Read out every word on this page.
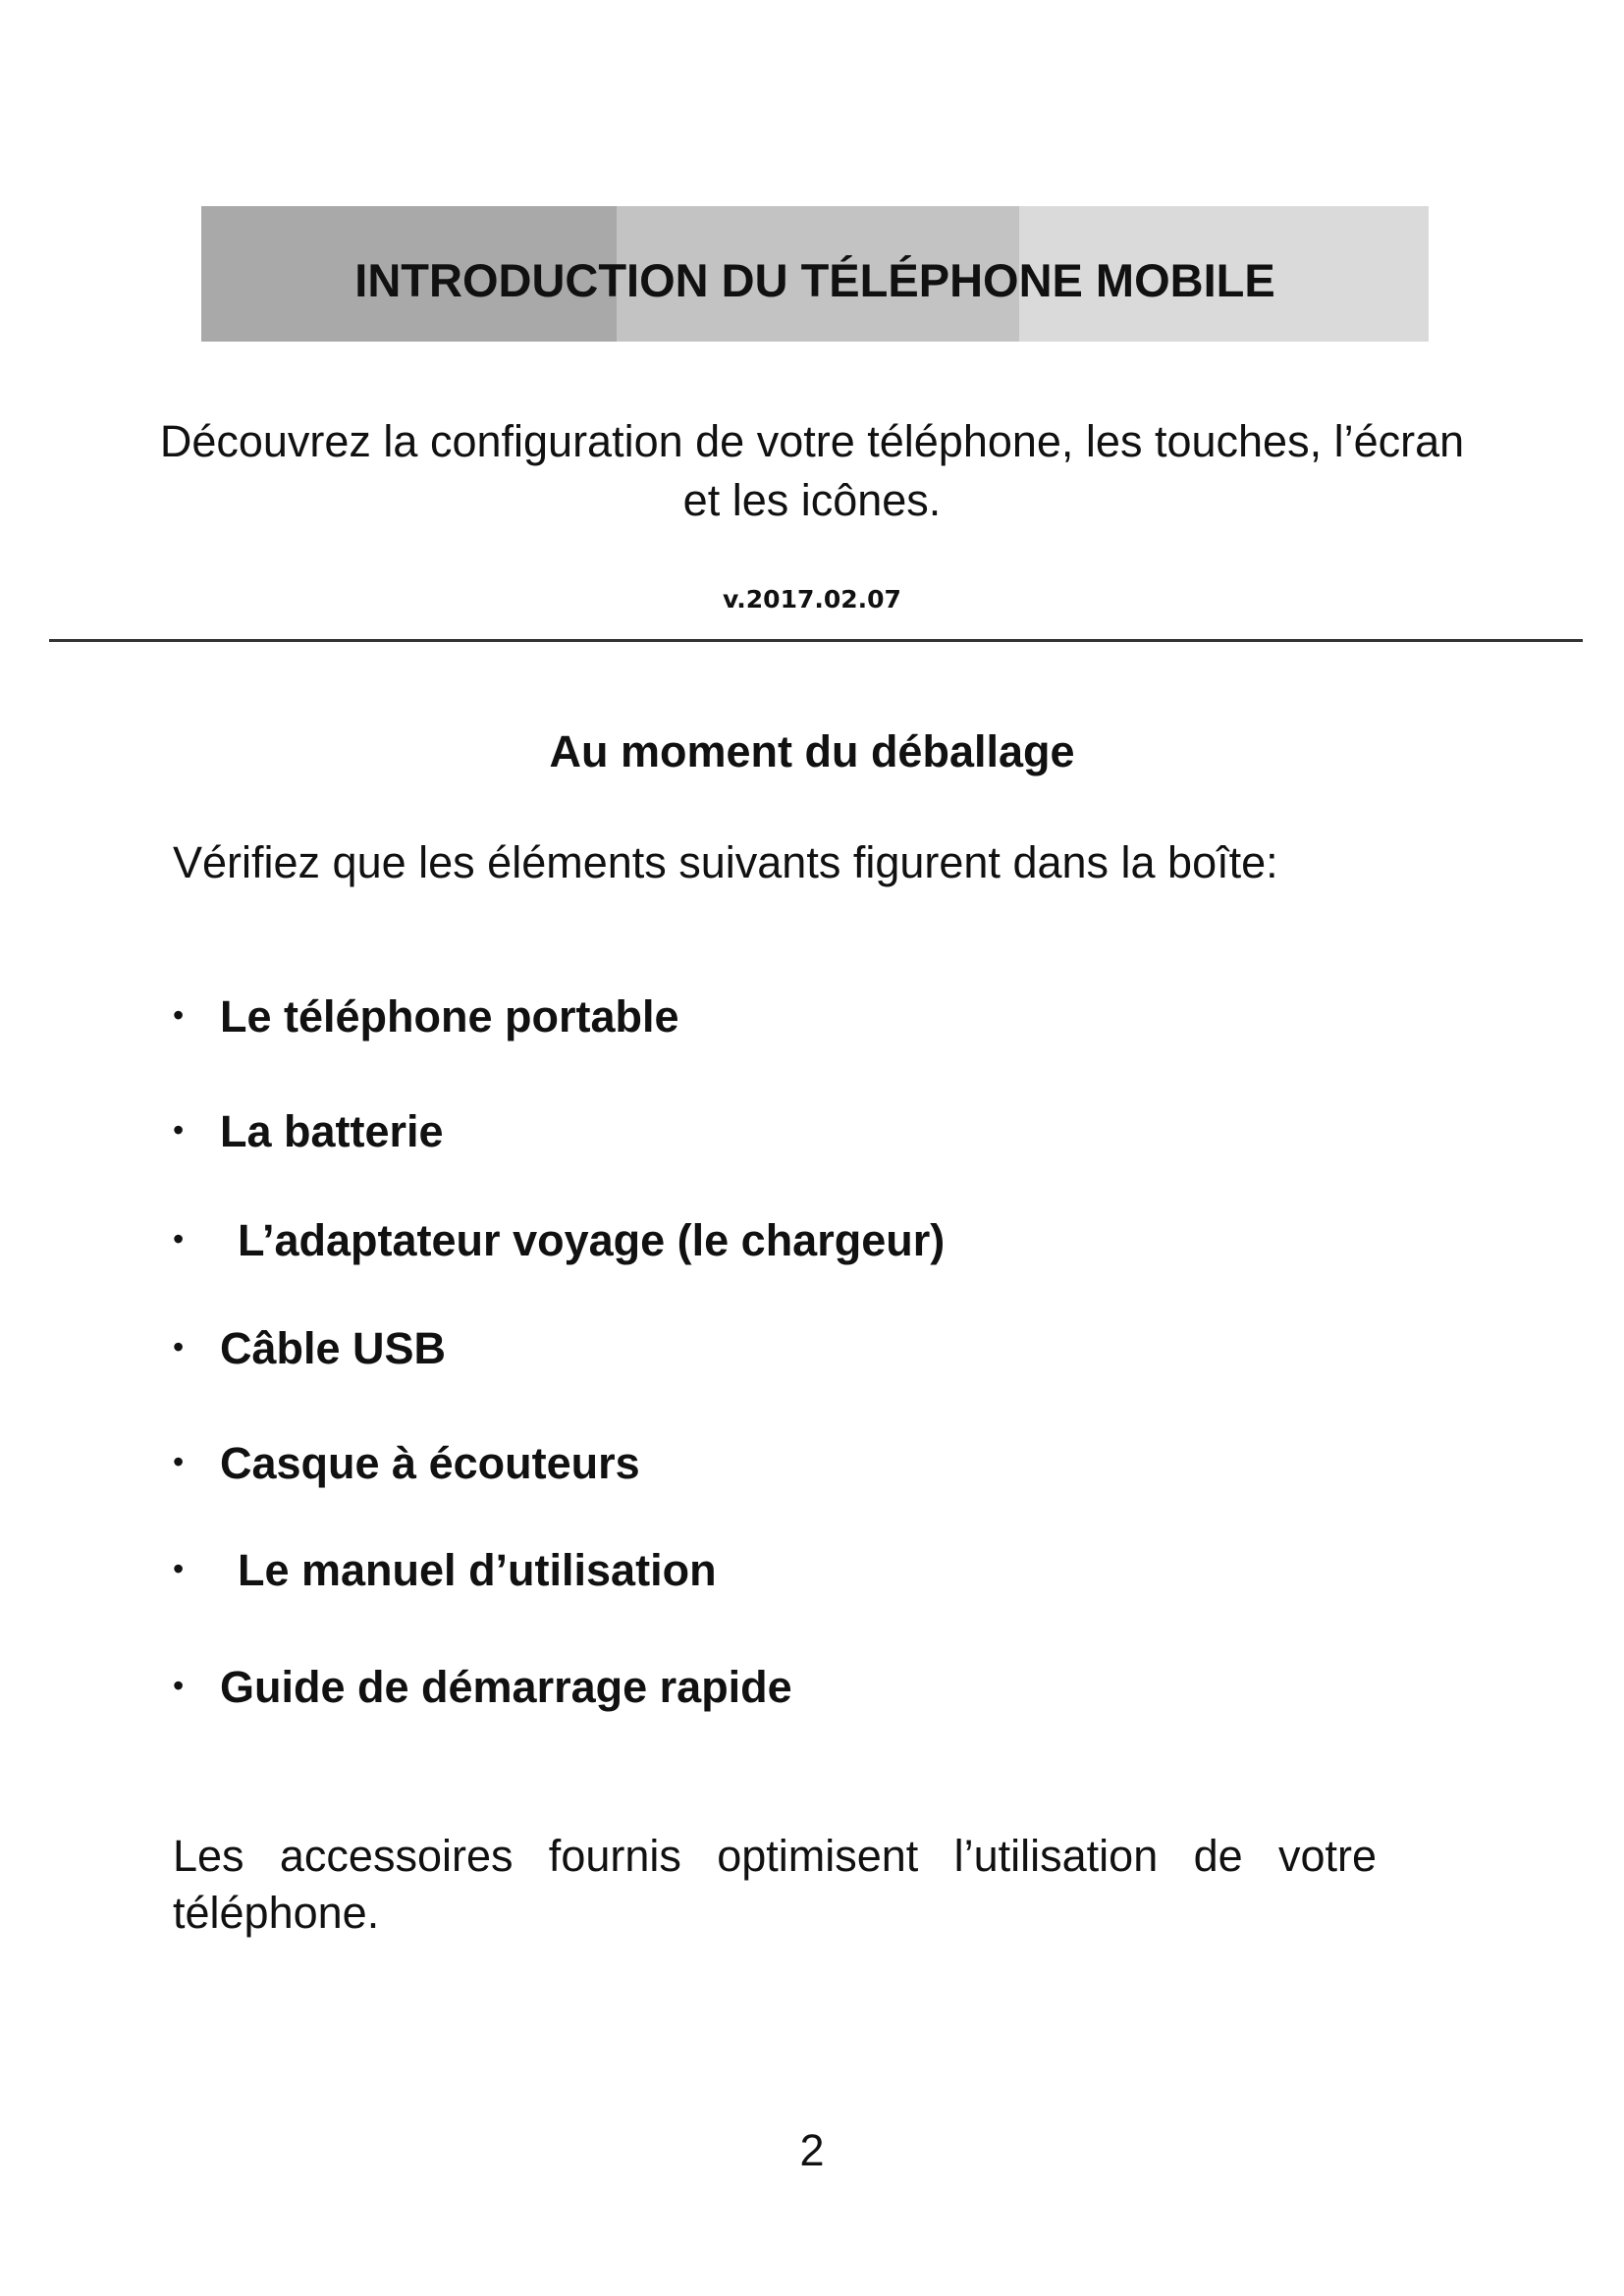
INTRODUCTION DU TÉLÉPHONE MOBILE
Découvrez la configuration de votre téléphone, les touches, l’écran et les icônes.
v.2017.02.07
Au moment du déballage
Vérifiez que les éléments suivants figurent dans la boîte:
• Le téléphone portable
• La batterie
• L’adaptateur voyage (le chargeur)
• Câble USB
• Casque à écouteurs
• Le manuel d’utilisation
• Guide de démarrage rapide
Les accessoires fournis optimisent l’utilisation de votre téléphone.
2
